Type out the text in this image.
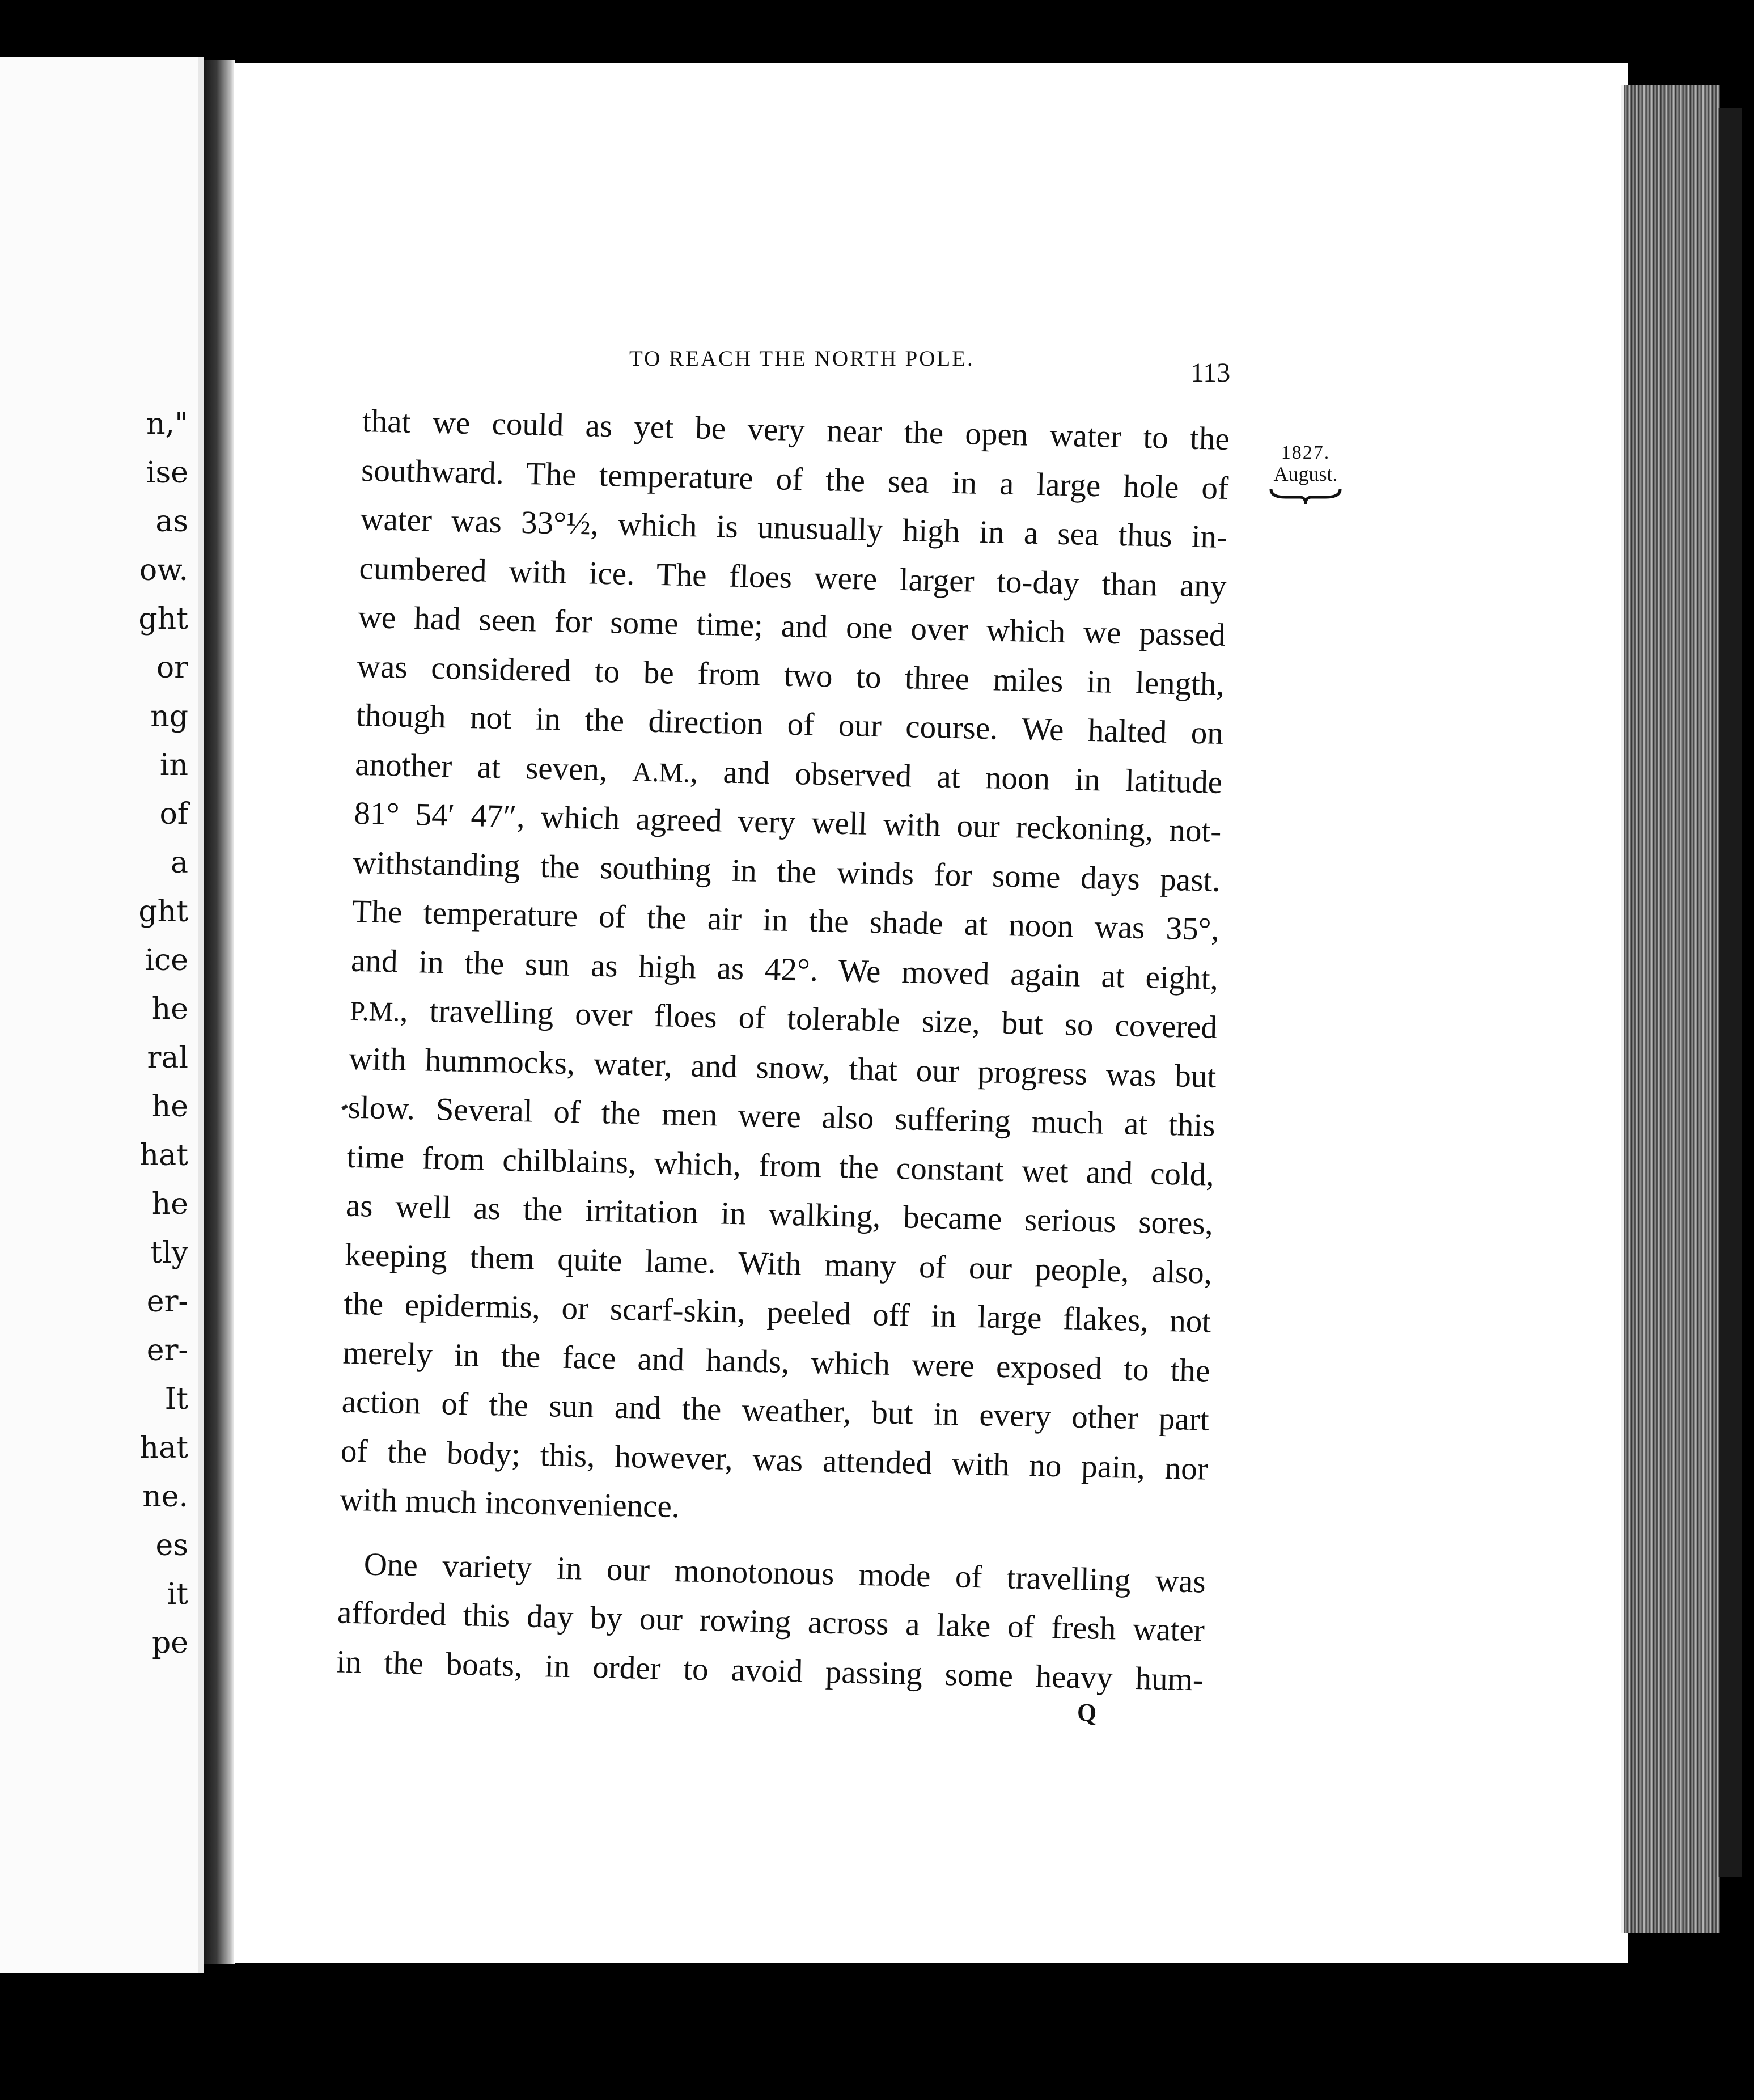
n,"
ise
as
ow.
ght
or
ng
in
of
a
ght
ice
he
ral
he
hat
he
tly
er-
er-
It
hat
ne.
es
it
pe
TO REACH THE NORTH POLE.	113
1827.
August.
that we could as yet be very near the open water to the
southward. The temperature of the sea in a large hole of
water was 33°½, which is unusually high in a sea thus in-
cumbered with ice. The floes were larger to-day than any
we had seen for some time; and one over which we passed
was considered to be from two to three miles in length,
though not in the direction of our course. We halted on
another at seven, A.M., and observed at noon in latitude
81° 54′ 47″, which agreed very well with our reckoning, not-
withstanding the southing in the winds for some days past.
The temperature of the air in the shade at noon was 35°,
and in the sun as high as 42°. We moved again at eight,
P.M., travelling over floes of tolerable size, but so covered
with hummocks, water, and snow, that our progress was but
slow. Several of the men were also suffering much at this
time from chilblains, which, from the constant wet and cold,
as well as the irritation in walking, became serious sores,
keeping them quite lame. With many of our people, also,
the epidermis, or scarf-skin, peeled off in large flakes, not
merely in the face and hands, which were exposed to the
action of the sun and the weather, but in every other part
of the body; this, however, was attended with no pain, nor
with much inconvenience.
One variety in our monotonous mode of travelling was
afforded this day by our rowing across a lake of fresh water
in the boats, in order to avoid passing some heavy hum-
Q
